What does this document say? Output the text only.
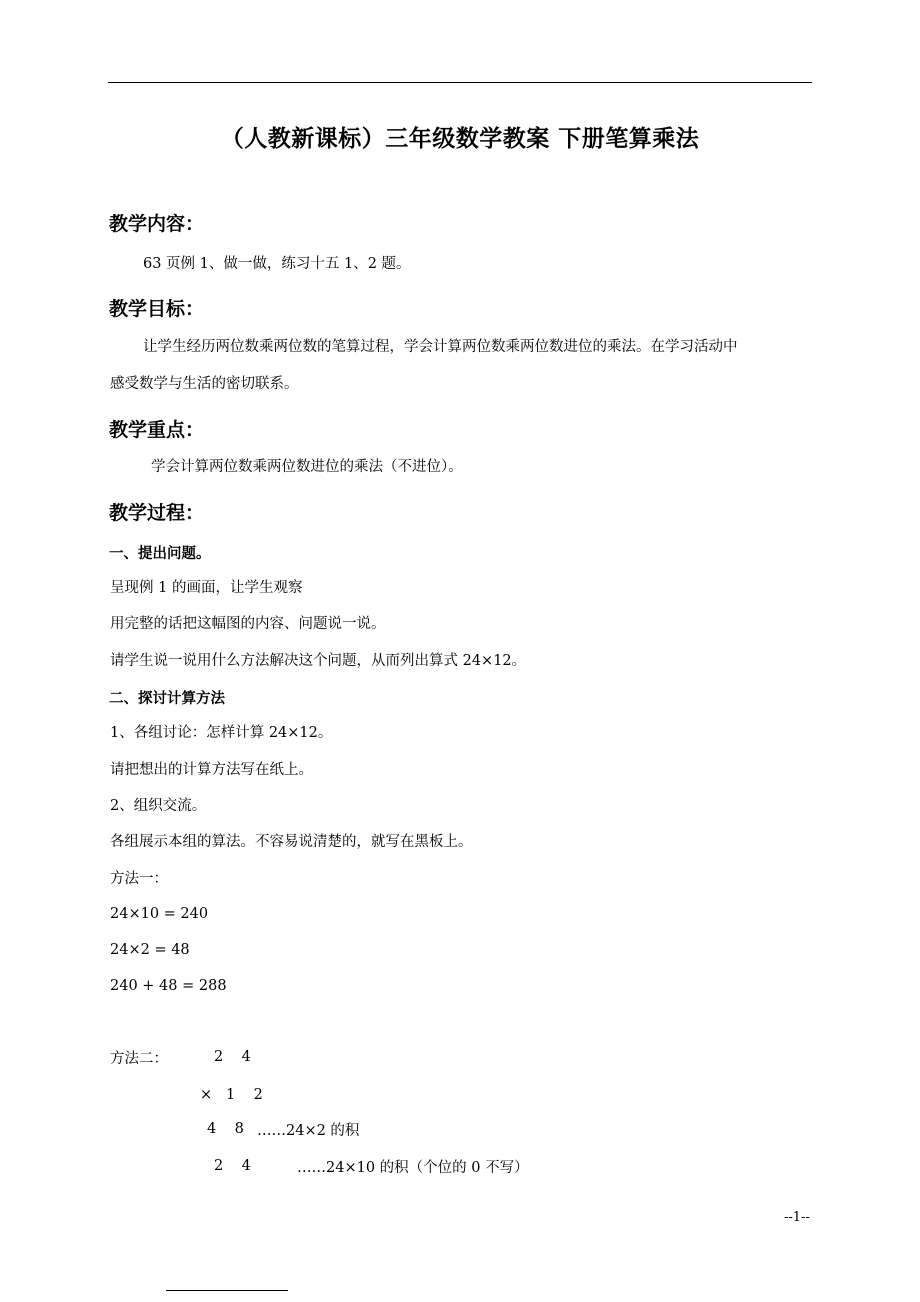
（人教新课标）三年级数学教案 下册笔算乘法
教学内容：
63 页例 1、做一做，练习十五 1、2 题。
教学目标：
让学生经历两位数乘两位数的笔算过程，学会计算两位数乘两位数进位的乘法。在学习活动中
感受数学与生活的密切联系。
教学重点：
学会计算两位数乘两位数进位的乘法（不进位）。
教学过程：
一、提出问题。
呈现例 1 的画面，让学生观察
用完整的话把这幅图的内容、问题说一说。
请学生说一说用什么方法解决这个问题，从而列出算式 24×12。
二、探讨计算方法
1、各组讨论：怎样计算 24×12。
请把想出的计算方法写在纸上。
2、组织交流。
各组展示本组的算法。不容易说清楚的，就写在黑板上。
方法一：
24×10 = 240
24×2 = 48
240 + 48 = 288
方法二：	2    4
×   1    2
4    8 ……24×2 的积
2    4	……24×10 的积（个位的 0 不写）
--1--
